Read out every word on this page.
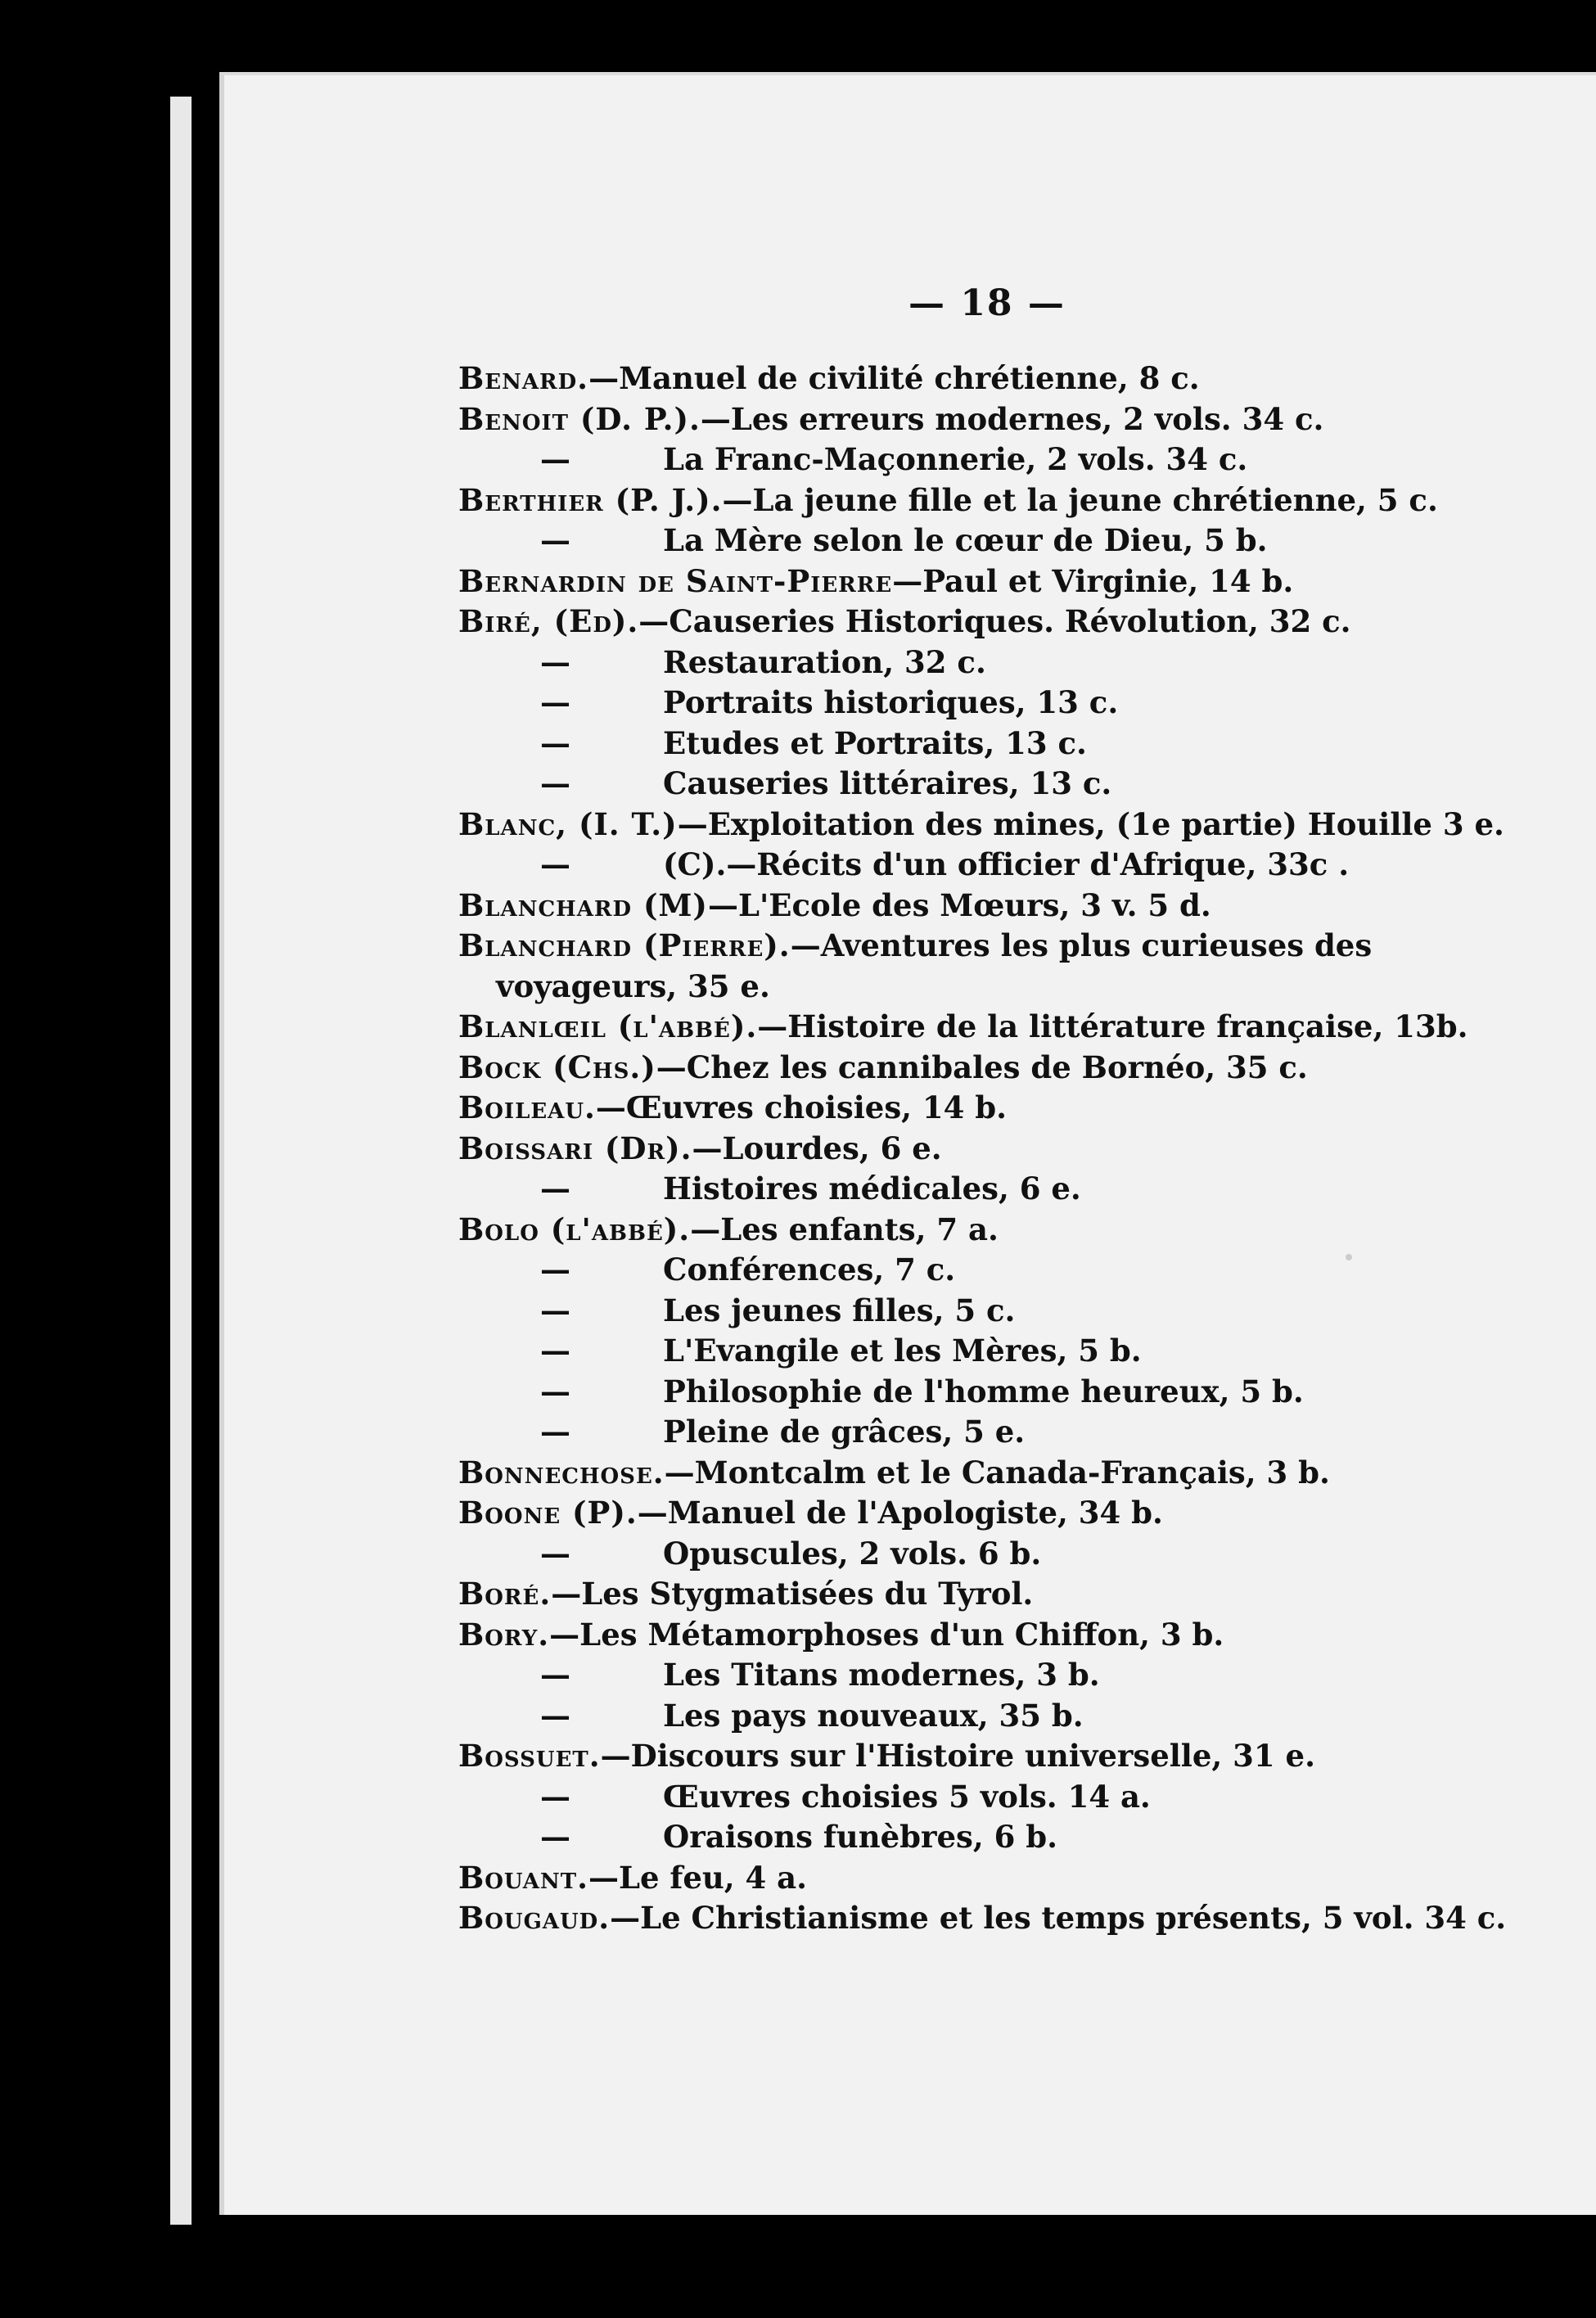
— 18 —
Benard.—Manuel de civilité chrétienne, 8 c.
Benoit (D. P.).—Les erreurs modernes, 2 vols. 34 c.
—	La Franc-Maçonnerie, 2 vols. 34 c.
Berthier (P. J.).—La jeune fille et la jeune chrétienne, 5 c.
—	La Mère selon le cœur de Dieu, 5 b.
Bernardin de Saint-Pierre—Paul et Virginie, 14 b.
Biré, (Ed).—Causeries Historiques. Révolution, 32 c.
—	Restauration, 32 c.
—	Portraits historiques, 13 c.
—	Etudes et Portraits, 13 c.
—	Causeries littéraires, 13 c.
Blanc, (I. T.)—Exploitation des mines, (1e partie) Houille 3 e.
—	(C).—Récits d'un officier d'Afrique, 33c .
Blanchard (M)—L'Ecole des Mœurs, 3 v. 5 d.
Blanchard (Pierre).—Aventures les plus curieuses des
voyageurs, 35 e.
Blanlœil (l'abbé).—Histoire de la littérature française, 13b.
Bock (Chs.)—Chez les cannibales de Bornéo, 35 c.
Boileau.—Œuvres choisies, 14 b.
Boissari (Dr).—Lourdes, 6 e.
—	Histoires médicales, 6 e.
Bolo (l'abbé).—Les enfants, 7 a.
—	Conférences, 7 c.
—	Les jeunes filles, 5 c.
—	L'Evangile et les Mères, 5 b.
—	Philosophie de l'homme heureux, 5 b.
—	Pleine de grâces, 5 e.
Bonnechose.—Montcalm et le Canada-Français, 3 b.
Boone (P).—Manuel de l'Apologiste, 34 b.
—	Opuscules, 2 vols. 6 b.
Boré.—Les Stygmatisées du Tyrol.
Bory.—Les Métamorphoses d'un Chiffon, 3 b.
—	Les Titans modernes, 3 b.
—	Les pays nouveaux, 35 b.
Bossuet.—Discours sur l'Histoire universelle, 31 e.
—	Œuvres choisies 5 vols. 14 a.
—	Oraisons funèbres, 6 b.
Bouant.—Le feu, 4 a.
Bougaud.—Le Christianisme et les temps présents, 5 vol. 34 c.
